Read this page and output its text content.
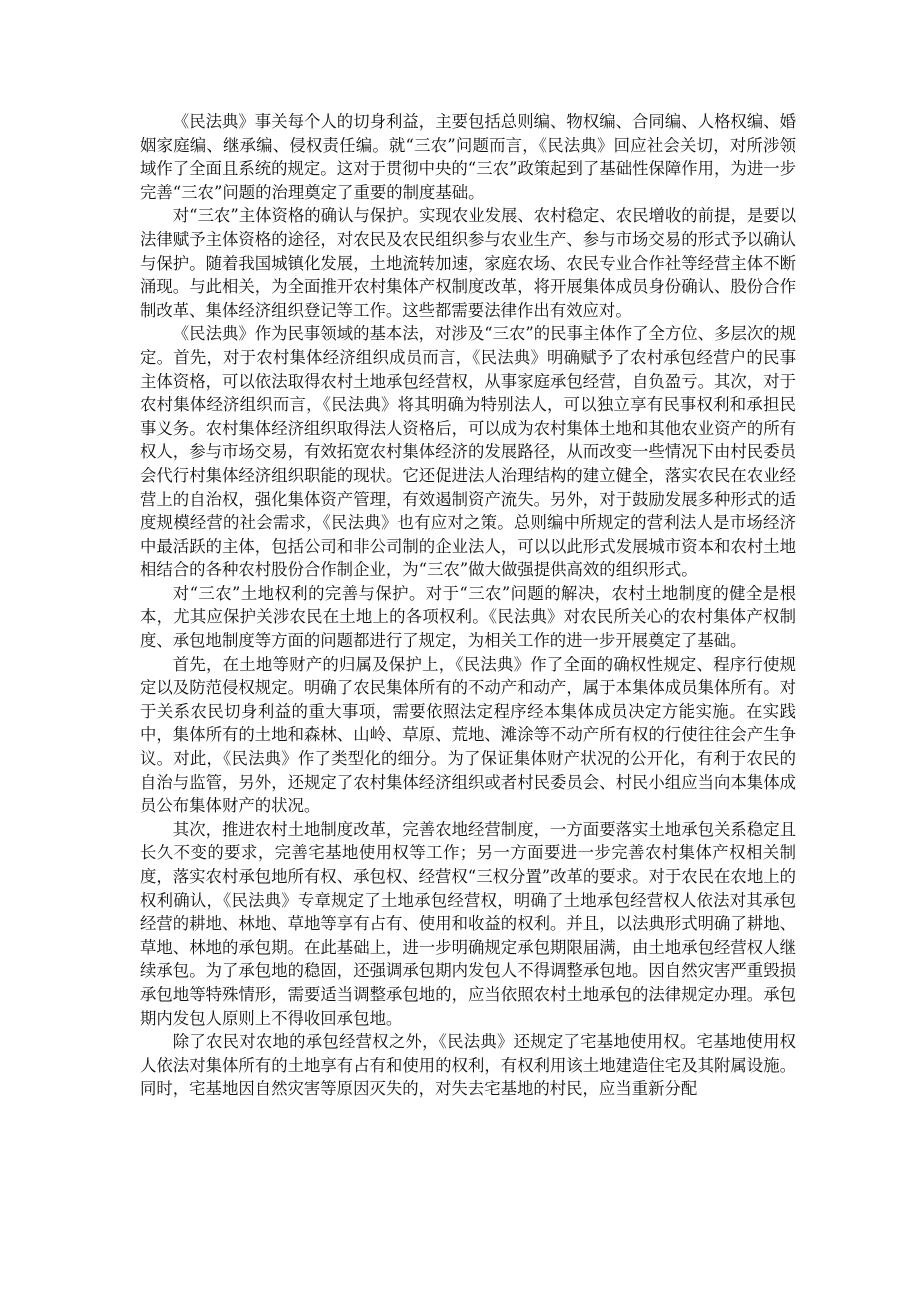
《民法典》事关每个人的切身利益，主要包括总则编、物权编、合同编、人格权编、婚姻家庭编、继承编、侵权责任编。就“三农”问题而言，《民法典》回应社会关切，对所涉领域作了全面且系统的规定。这对于贯彻中央的“三农”政策起到了基础性保障作用，为进一步完善“三农”问题的治理奠定了重要的制度基础。

对“三农”主体资格的确认与保护。实现农业发展、农村稳定、农民增收的前提，是要以法律赋予主体资格的途径，对农民及农民组织参与农业生产、参与市场交易的形式予以确认与保护。随着我国城镇化发展，土地流转加速，家庭农场、农民专业合作社等经营主体不断涌现。与此相关，为全面推开农村集体产权制度改革，将开展集体成员身份确认、股份合作制改革、集体经济组织登记等工作。这些都需要法律作出有效应对。

《民法典》作为民事领域的基本法，对涉及“三农”的民事主体作了全方位、多层次的规定。首先，对于农村集体经济组织成员而言，《民法典》明确赋予了农村承包经营户的民事主体资格，可以依法取得农村土地承包经营权，从事家庭承包经营，自负盈亏。其次，对于农村集体经济组织而言，《民法典》将其明确为特别法人，可以独立享有民事权利和承担民事义务。农村集体经济组织取得法人资格后，可以成为农村集体土地和其他农业资产的所有权人，参与市场交易，有效拓宽农村集体经济的发展路径，从而改变一些情况下由村民委员会代行村集体经济组织职能的现状。它还促进法人治理结构的建立健全，落实农民在农业经营上的自治权，强化集体资产管理，有效遏制资产流失。另外，对于鼓励发展多种形式的适度规模经营的社会需求，《民法典》也有应对之策。总则编中所规定的营利法人是市场经济中最活跃的主体，包括公司和非公司制的企业法人，可以以此形式发展城市资本和农村土地相结合的各种农村股份合作制企业，为“三农”做大做强提供高效的组织形式。

对“三农”土地权利的完善与保护。对于“三农”问题的解决，农村土地制度的健全是根本，尤其应保护关涉农民在土地上的各项权利。《民法典》对农民所关心的农村集体产权制度、承包地制度等方面的问题都进行了规定，为相关工作的进一步开展奠定了基础。

首先，在土地等财产的归属及保护上，《民法典》作了全面的确权性规定、程序行使规定以及防范侵权规定。明确了农民集体所有的不动产和动产，属于本集体成员集体所有。对于关系农民切身利益的重大事项，需要依照法定程序经本集体成员决定方能实施。在实践中，集体所有的土地和森林、山岭、草原、荒地、滩涂等不动产所有权的行使往往会产生争议。对此，《民法典》作了类型化的细分。为了保证集体财产状况的公开化，有利于农民的自治与监管，另外，还规定了农村集体经济组织或者村民委员会、村民小组应当向本集体成员公布集体财产的状况。

其次，推进农村土地制度改革，完善农地经营制度，一方面要落实土地承包关系稳定且长久不变的要求，完善宅基地使用权等工作；另一方面要进一步完善农村集体产权相关制度，落实农村承包地所有权、承包权、经营权“三权分置”改革的要求。对于农民在农地上的权利确认，《民法典》专章规定了土地承包经营权，明确了土地承包经营权人依法对其承包经营的耕地、林地、草地等享有占有、使用和收益的权利。并且，以法典形式明确了耕地、草地、林地的承包期。在此基础上，进一步明确规定承包期限届满，由土地承包经营权人继续承包。为了承包地的稳固，还强调承包期内发包人不得调整承包地。因自然灾害严重毁损承包地等特殊情形，需要适当调整承包地的，应当依照农村土地承包的法律规定办理。承包期内发包人原则上不得收回承包地。

除了农民对农地的承包经营权之外，《民法典》还规定了宅基地使用权。宅基地使用权人依法对集体所有的土地享有占有和使用的权利，有权利用该土地建造住宅及其附属设施。同时，宅基地因自然灾害等原因灭失的，对失去宅基地的村民，应当重新分配
